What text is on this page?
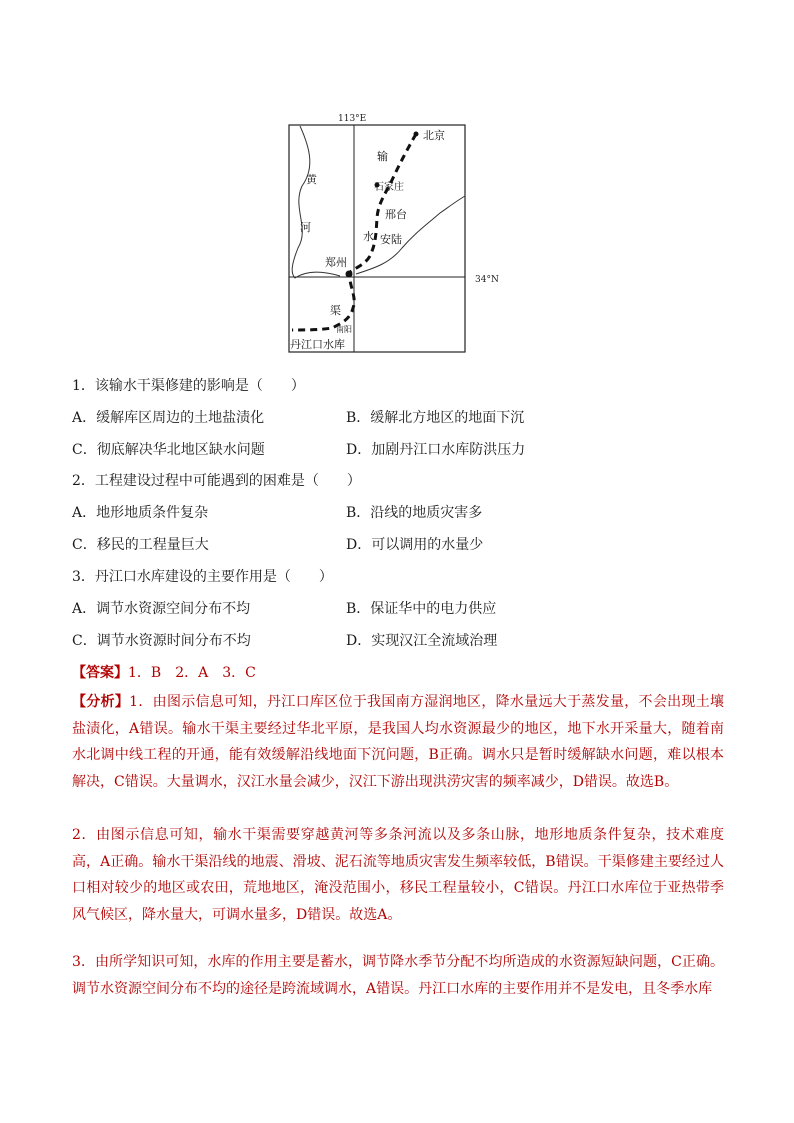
113°E
34°N
北京
石家庄
邢台
安陆
郑州
南阳
丹江口水库
黄
河
输
水
渠
1．该输水干渠修建的影响是（　　）
A．缓解库区周边的土地盐渍化	B．缓解北方地区的地面下沉
C．彻底解决华北地区缺水问题	D．加剧丹江口水库防洪压力
2．工程建设过程中可能遇到的困难是（　　）
A．地形地质条件复杂	B．沿线的地质灾害多
C．移民的工程量巨大	D．可以调用的水量少
3．丹江口水库建设的主要作用是（　　）
A．调节水资源空间分布不均	B．保证华中的电力供应
C．调节水资源时间分布不均	D．实现汉江全流域治理
【答案】1．B　2．A　3．C
【分析】1．由图示信息可知，丹江口库区位于我国南方湿润地区，降水量远大于蒸发量，不会出现土壤盐渍化，A错误。输水干渠主要经过华北平原，是我国人均水资源最少的地区，地下水开采量大，随着南水北调中线工程的开通，能有效缓解沿线地面下沉问题，B正确。调水只是暂时缓解缺水问题，难以根本解决，C错误。大量调水，汉江水量会减少，汉江下游出现洪涝灾害的频率减少，D错误。故选B。
2．由图示信息可知，输水干渠需要穿越黄河等多条河流以及多条山脉，地形地质条件复杂，技术难度高，A正确。输水干渠沿线的地震、滑坡、泥石流等地质灾害发生频率较低，B错误。干渠修建主要经过人口相对较少的地区或农田，荒地地区，淹没范围小，移民工程量较小，C错误。丹江口水库位于亚热带季风气候区，降水量大，可调水量多，D错误。故选A。
3．由所学知识可知，水库的作用主要是蓄水，调节降水季节分配不均所造成的水资源短缺问题，C正确。调节水资源空间分布不均的途径是跨流域调水，A错误。丹江口水库的主要作用并不是发电，且冬季水库
